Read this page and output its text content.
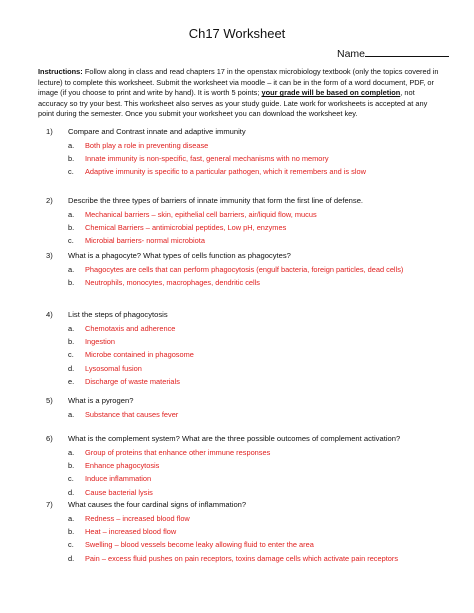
Ch17 Worksheet
Name
Instructions: Follow along in class and read chapters 17 in the openstax microbiology textbook (only the topics covered in lecture) to complete this worksheet. Submit the worksheet via moodle – it can be in the form of a word document, PDF, or image (if you choose to print and write by hand). It is worth 5 points; your grade will be based on completion, not accuracy so try your best. This worksheet also serves as your study guide. Late work for worksheets is accepted at any point during the semester. Once you submit your worksheet you can download the worksheet key.
1) Compare and Contrast innate and adaptive immunity
a. Both play a role in preventing disease
b. Innate immunity is non-specific, fast, general mechanisms with no memory
c. Adaptive immunity is specific to a particular pathogen, which it remembers and is slow
2) Describe the three types of barriers of innate immunity that form the first line of defense.
a. Mechanical barriers – skin, epithelial cell barriers, air/liquid flow, mucus
b. Chemical Barriers – antimicrobial peptides, Low pH, enzymes
c. Microbial barriers- normal microbiota
3) What is a phagocyte? What types of cells function as phagocytes?
a. Phagocytes are cells that can perform phagocytosis (engulf bacteria, foreign particles, dead cells)
b. Neutrophils, monocytes, macrophages, dendritic cells
4) List the steps of phagocytosis
a. Chemotaxis and adherence
b. Ingestion
c. Microbe contained in phagosome
d. Lysosomal fusion
e. Discharge of waste materials
5) What is a pyrogen?
a. Substance that causes fever
6) What is the complement system? What are the three possible outcomes of complement activation?
a. Group of proteins that enhance other immune responses
b. Enhance phagocytosis
c. Induce inflammation
d. Cause bacterial lysis
7) What causes the four cardinal signs of inflammation?
a. Redness – increased blood flow
b. Heat – increased blood flow
c. Swelling – blood vessels become leaky allowing fluid to enter the area
d. Pain – excess fluid pushes on pain receptors, toxins damage cells which activate pain receptors
